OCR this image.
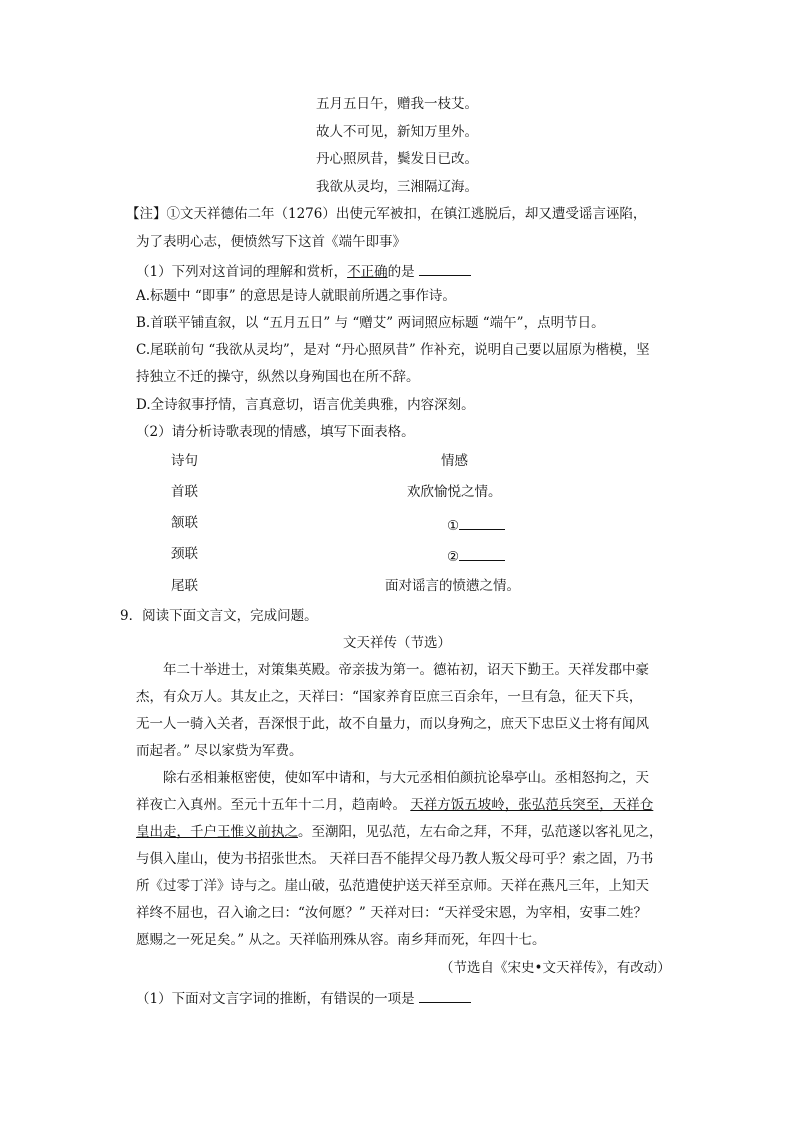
五月五日午，赠我一枝艾。
故人不可见，新知万里外。
丹心照夙昔，鬓发日已改。
我欲从灵均，三湘隔辽海。
【注】①文天祥德佑二年（1276）出使元军被扣，在镇江逃脱后，却又遭受谣言诬陷，
为了表明心志，便愤然写下这首《端午即事》
（1）下列对这首词的理解和赏析，不正确的是
A.标题中 “即事” 的意思是诗人就眼前所遇之事作诗。
B.首联平铺直叙，以 “五月五日” 与 “赠艾” 两词照应标题 “端午”，点明节日。
C.尾联前句 “我欲从灵均”，是对 “丹心照夙昔” 作补充，说明自己要以屈原为楷模，坚
持独立不迁的操守，纵然以身殉国也在所不辞。
D.全诗叙事抒情，言真意切，语言优美典雅，内容深刻。
（2）请分析诗歌表现的情感，填写下面表格。
诗句	情感
首联	欢欣愉悦之情。
颔联	①
颈联	②
尾联	面对谣言的愤懑之情。
9．阅读下面文言文，完成问题。
文天祥传（节选）
年二十举进士，对策集英殿。帝亲拔为第一。德祐初，诏天下勤王。天祥发郡中豪
杰，有众万人。其友止之，天祥曰：“国家养育臣庶三百余年，一旦有急，征天下兵，
无一人一骑入关者，吾深恨于此，故不自量力，而以身殉之，庶天下忠臣义士将有闻风
而起者。” 尽以家赀为军费。
除右丞相兼枢密使，使如军中请和，与大元丞相伯颜抗论皋亭山。丞相怒拘之，天
祥夜亡入真州。至元十五年十二月，趋南岭。 天祥方饭五坡岭，张弘范兵突至，天祥仓
皇出走，千户王惟义前执之。至潮阳，见弘范，左右命之拜，不拜，弘范遂以客礼见之，
与俱入崖山，使为书招张世杰。 天祥曰吾不能捍父母乃教人叛父母可乎？索之固，乃书
所《过零丁洋》诗与之。崖山破，弘范遣使护送天祥至京师。天祥在燕凡三年，上知天
祥终不屈也，召入谕之曰：“汝何愿？” 天祥对曰：“天祥受宋恩，为宰相，安事二姓？
愿赐之一死足矣。” 从之。天祥临刑殊从容。南乡拜而死，年四十七。
（节选自《宋史•文天祥传》，有改动）
（1）下面对文言字词的推断，有错误的一项是
